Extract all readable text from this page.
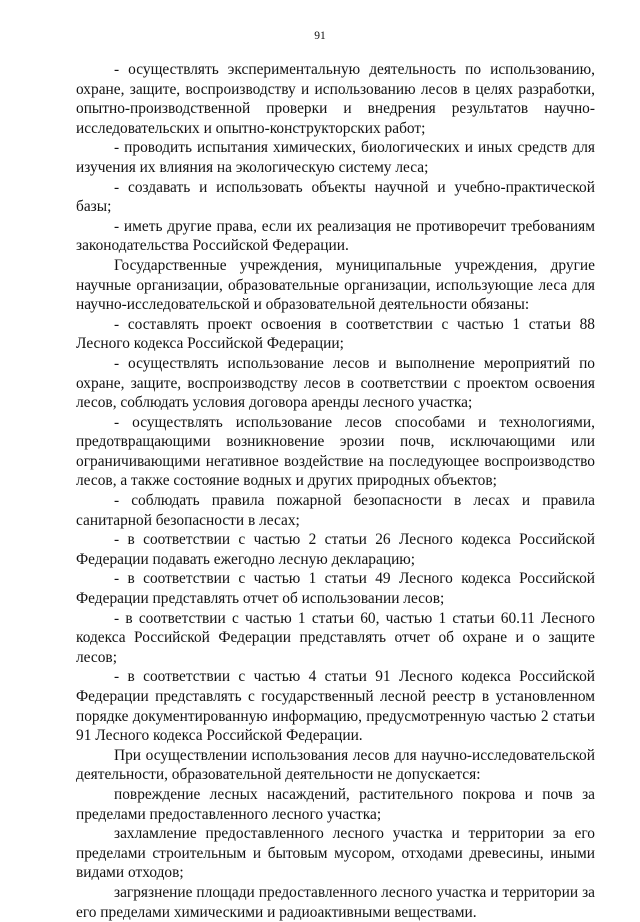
91

- осуществлять экспериментальную деятельность по использованию, охране, защите, воспроизводству и использованию лесов в целях разработки, опытно-производственной проверки и внедрения результатов научно-исследовательских и опытно-конструкторских работ;

- проводить испытания химических, биологических и иных средств для изучения их влияния на экологическую систему леса;

- создавать и использовать объекты научной и учебно-практической базы;

- иметь другие права, если их реализация не противоречит требованиям законодательства Российской Федерации.

Государственные учреждения, муниципальные учреждения, другие научные организации, образовательные организации, использующие леса для научно-исследовательской и образовательной деятельности обязаны:

- составлять проект освоения в соответствии с частью 1 статьи 88 Лесного кодекса Российской Федерации;

- осуществлять использование лесов и выполнение мероприятий по охране, защите, воспроизводству лесов в соответствии с проектом освоения лесов, соблюдать условия договора аренды лесного участка;

- осуществлять использование лесов способами и технологиями, предотвращающими возникновение эрозии почв, исключающими или ограничивающими негативное воздействие на последующее воспроизводство лесов, а также состояние водных и других природных объектов;

- соблюдать правила пожарной безопасности в лесах и правила санитарной безопасности в лесах;

- в соответствии с частью 2 статьи 26 Лесного кодекса Российской Федерации подавать ежегодно лесную декларацию;

- в соответствии с частью 1 статьи 49 Лесного кодекса Российской Федерации представлять отчет об использовании лесов;

- в соответствии с частью 1 статьи 60, частью 1 статьи 60.11 Лесного кодекса Российской Федерации представлять отчет об охране и о защите лесов;

- в соответствии с частью 4 статьи 91 Лесного кодекса Российской Федерации представлять с государственный лесной реестр в установленном порядке документированную информацию, предусмотренную частью 2 статьи 91 Лесного кодекса Российской Федерации.

При осуществлении использования лесов для научно-исследовательской деятельности, образовательной деятельности не допускается:

повреждение лесных насаждений, растительного покрова и почв за пределами предоставленного лесного участка;

захламление предоставленного лесного участка и территории за его пределами строительным и бытовым мусором, отходами древесины, иными видами отходов;

загрязнение площади предоставленного лесного участка и территории за его пределами химическими и радиоактивными веществами.
